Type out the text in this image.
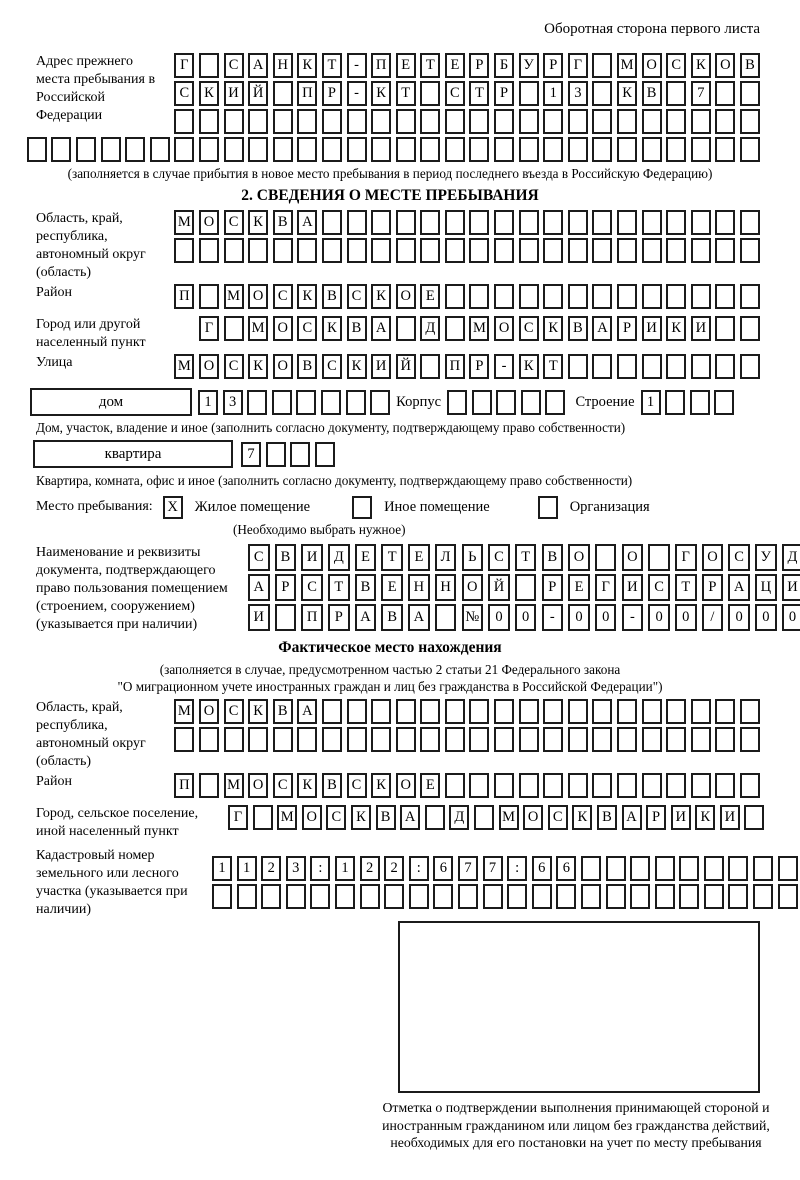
Оборотная сторона первого листа
Адрес прежнего места пребывания в Российской Федерации
Г	С	А Н	К	Т	-	П	Е	Т	Е	Р	Б	У	Р	Г	М О	С	К	О	В
С	К	И Й	П	Р	-	К	Т	С	Т	Р	1	3	К	В	7
(заполняется в случае прибытия в новое место пребывания в период последнего въезда в Российскую Федерацию)
2. СВЕДЕНИЯ О МЕСТЕ ПРЕБЫВАНИЯ
Область, край, республика, автономный округ (область)
М О	С	К	В	А
Район	П	М О	С	К	В	С	К	О	Е
Город или другой населенный пункт
Г	М О	С	К	В	А	Д	М О	С	К	В	А	Р	И	К	И
Улица	М О	С	К	О	В	С	К	И Й	П	Р	-	К	Т
дом	1	3	Корпус	Строение 1
Дом, участок, владение и иное (заполнить согласно документу, подтверждающему право собственности)
квартира	7
Квартира, комната, офис и иное (заполнить согласно документу, подтверждающему право собственности)
Место пребывания:	X	Жилое помещение	Иное помещение	Организация
(Необходимо выбрать нужное)
Наименование и реквизиты документа, подтверждающего право пользования помещением (строением, сооружением) (указывается при наличии)
С	В	И	Д	Е	Т	Е	Л	Ь	С	Т	В	О	О	Г	О	С	У	Д
А	Р	С	Т	В	Е	Н	Н	О	Й	Р	Е	Г	И	С	Т	Р	А	Ц	И
И	П	Р	А	В	А	№	0	0	-	0	0	-	0	0	/	0	0	0
Фактическое место нахождения
(заполняется в случае, предусмотренном частью 2 статьи 21 Федерального закона
"О миграционном учете иностранных граждан и лиц без гражданства в Российской Федерации")
Область, край, республика, автономный округ (область)
М О	С	К	В	А
Район	П	М О	С	К	В	С	К	О	Е
Город, сельское поселение, иной населенный пункт
Г	М О	С	К	В	А	Д	М О	С	К	В	А	Р	И	К	И
Кадастровый номер земельного или лесного участка (указывается при наличии)
1	1	2	3	:	1	2	2	:	6	7	7	:	6	6
Отметка о подтверждении выполнения принимающей стороной и иностранным гражданином или лицом без гражданства действий, необходимых для его постановки на учет по месту пребывания
